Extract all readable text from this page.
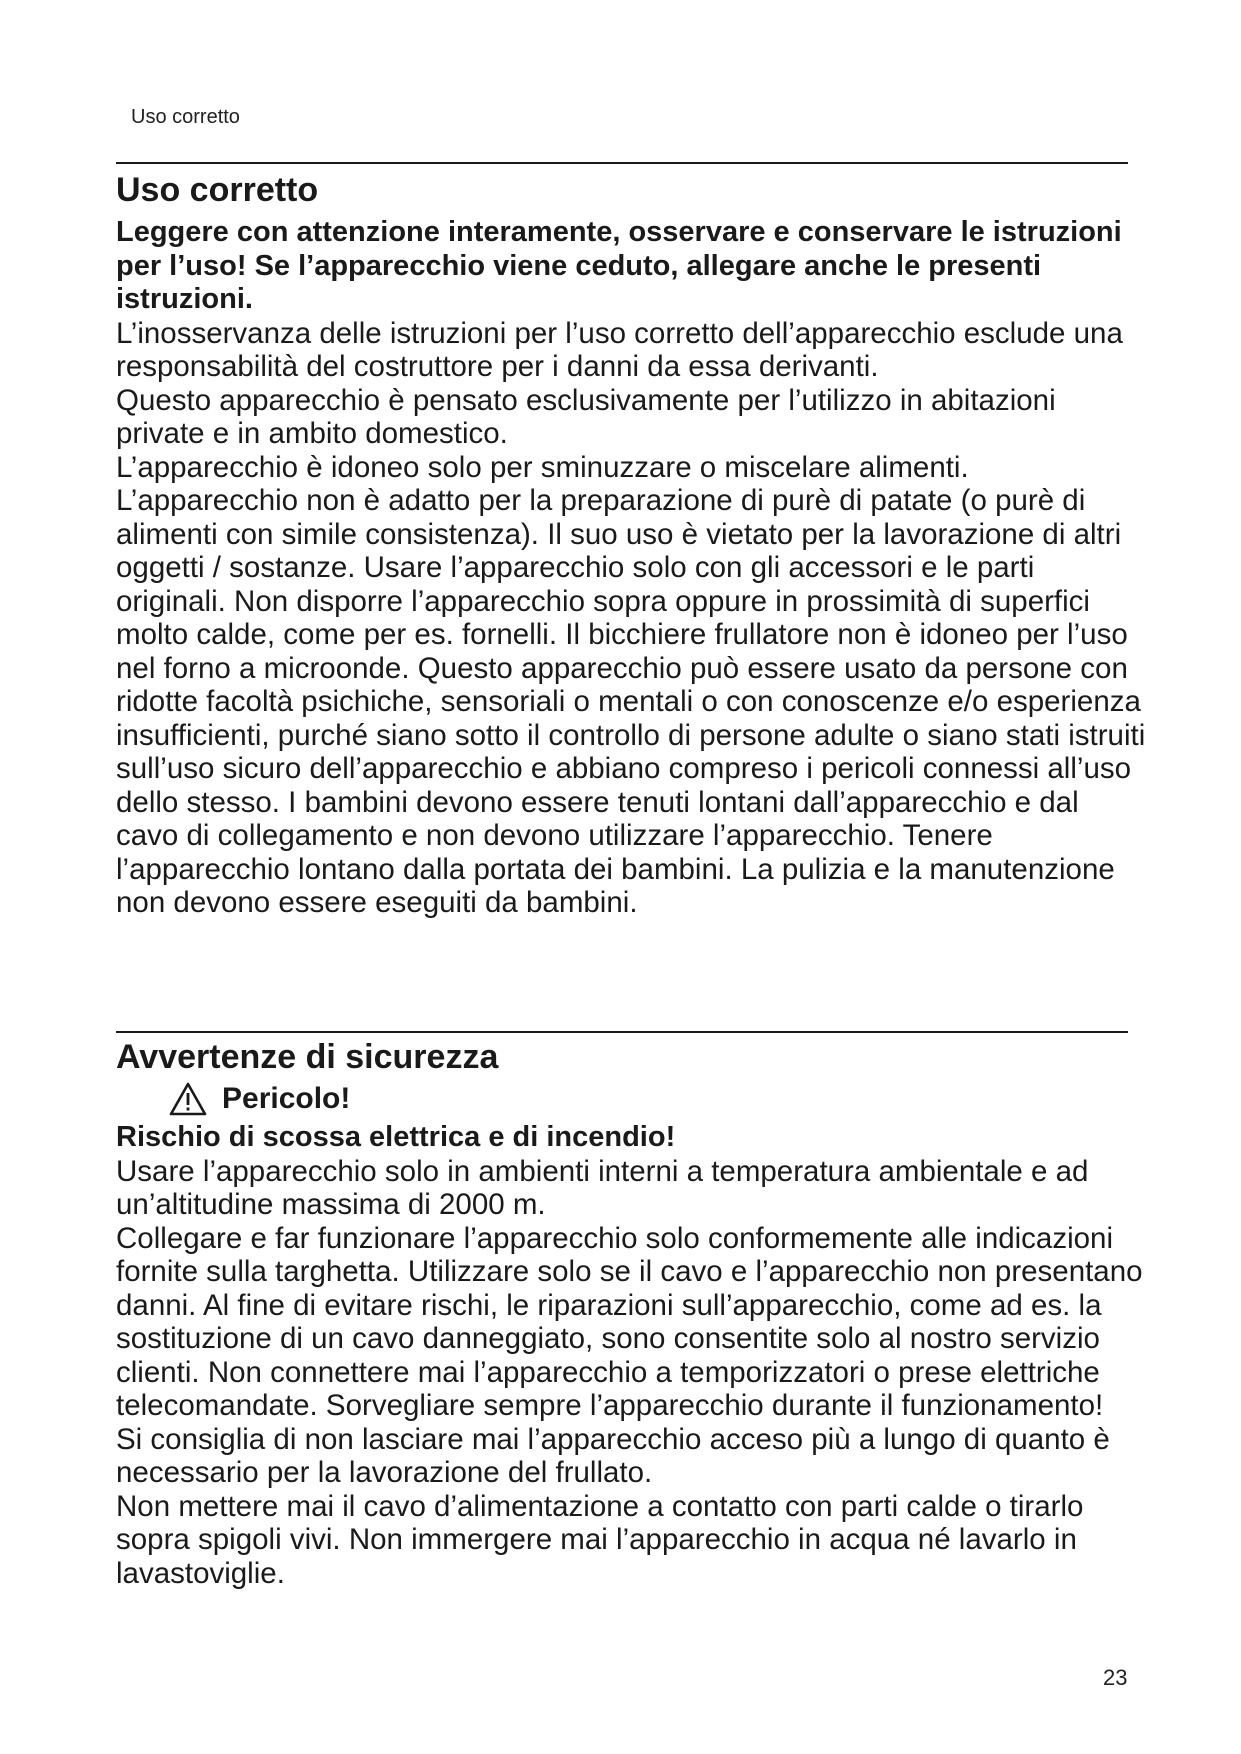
Uso corretto
Uso corretto

Leggere con attenzione interamente, osservare e conservare le istruzioni per l’uso! Se l’apparecchio viene ceduto, allegare anche le presenti istruzioni.

L’inosservanza delle istruzioni per l’uso corretto dell’apparecchio esclude una responsabilità del costruttore per i danni da essa derivanti.
Questo apparecchio è pensato esclusivamente per l’utilizzo in abitazioni private e in ambito domestico.
L’apparecchio è idoneo solo per sminuzzare o miscelare alimenti. L’apparecchio non è adatto per la preparazione di purè di patate (o purè di alimenti con simile consistenza). Il suo uso è vietato per la lavorazione di altri oggetti / sostanze. Usare l’apparecchio solo con gli accessori e le parti originali. Non disporre l’apparecchio sopra oppure in prossimità di superfici molto calde, come per es. fornelli. Il bicchiere frullatore non è idoneo per l’uso nel forno a microonde. Questo apparecchio può essere usato da persone con ridotte facoltà psichiche, sensoriali o mentali o con conoscenze e/o esperienza insufficienti, purché siano sotto il controllo di persone adulte o siano stati istruiti sull’uso sicuro dell’apparecchio e abbiano compreso i pericoli connessi all’uso dello stesso. I bambini devono essere tenuti lontani dall’apparecchio e dal cavo di collegamento e non devono utilizzare l’apparecchio. Tenere l’apparecchio lontano dalla portata dei bambini. La pulizia e la manutenzione non devono essere eseguiti da bambini.

Avvertenze di sicurezza
Pericolo!

Rischio di scossa elettrica e di incendio!

Usare l’apparecchio solo in ambienti interni a temperatura ambientale e ad un’altitudine massima di 2000 m.
Collegare e far funzionare l’apparecchio solo conformemente alle indicazioni fornite sulla targhetta. Utilizzare solo se il cavo e l’apparecchio non presentano danni. Al fine di evitare rischi, le riparazioni sull’apparecchio, come ad es. la sostituzione di un cavo danneggiato, sono consentite solo al nostro servizio clienti. Non connettere mai l’apparecchio a temporizzatori o prese elettriche telecomandate. Sorvegliare sempre l’apparecchio durante il funzionamento!
Si consiglia di non lasciare mai l’apparecchio acceso più a lungo di quanto è necessario per la lavorazione del frullato.
Non mettere mai il cavo d’alimentazione a contatto con parti calde o tirarlo sopra spigoli vivi. Non immergere mai l’apparecchio in acqua né lavarlo in lavastoviglie.

23
